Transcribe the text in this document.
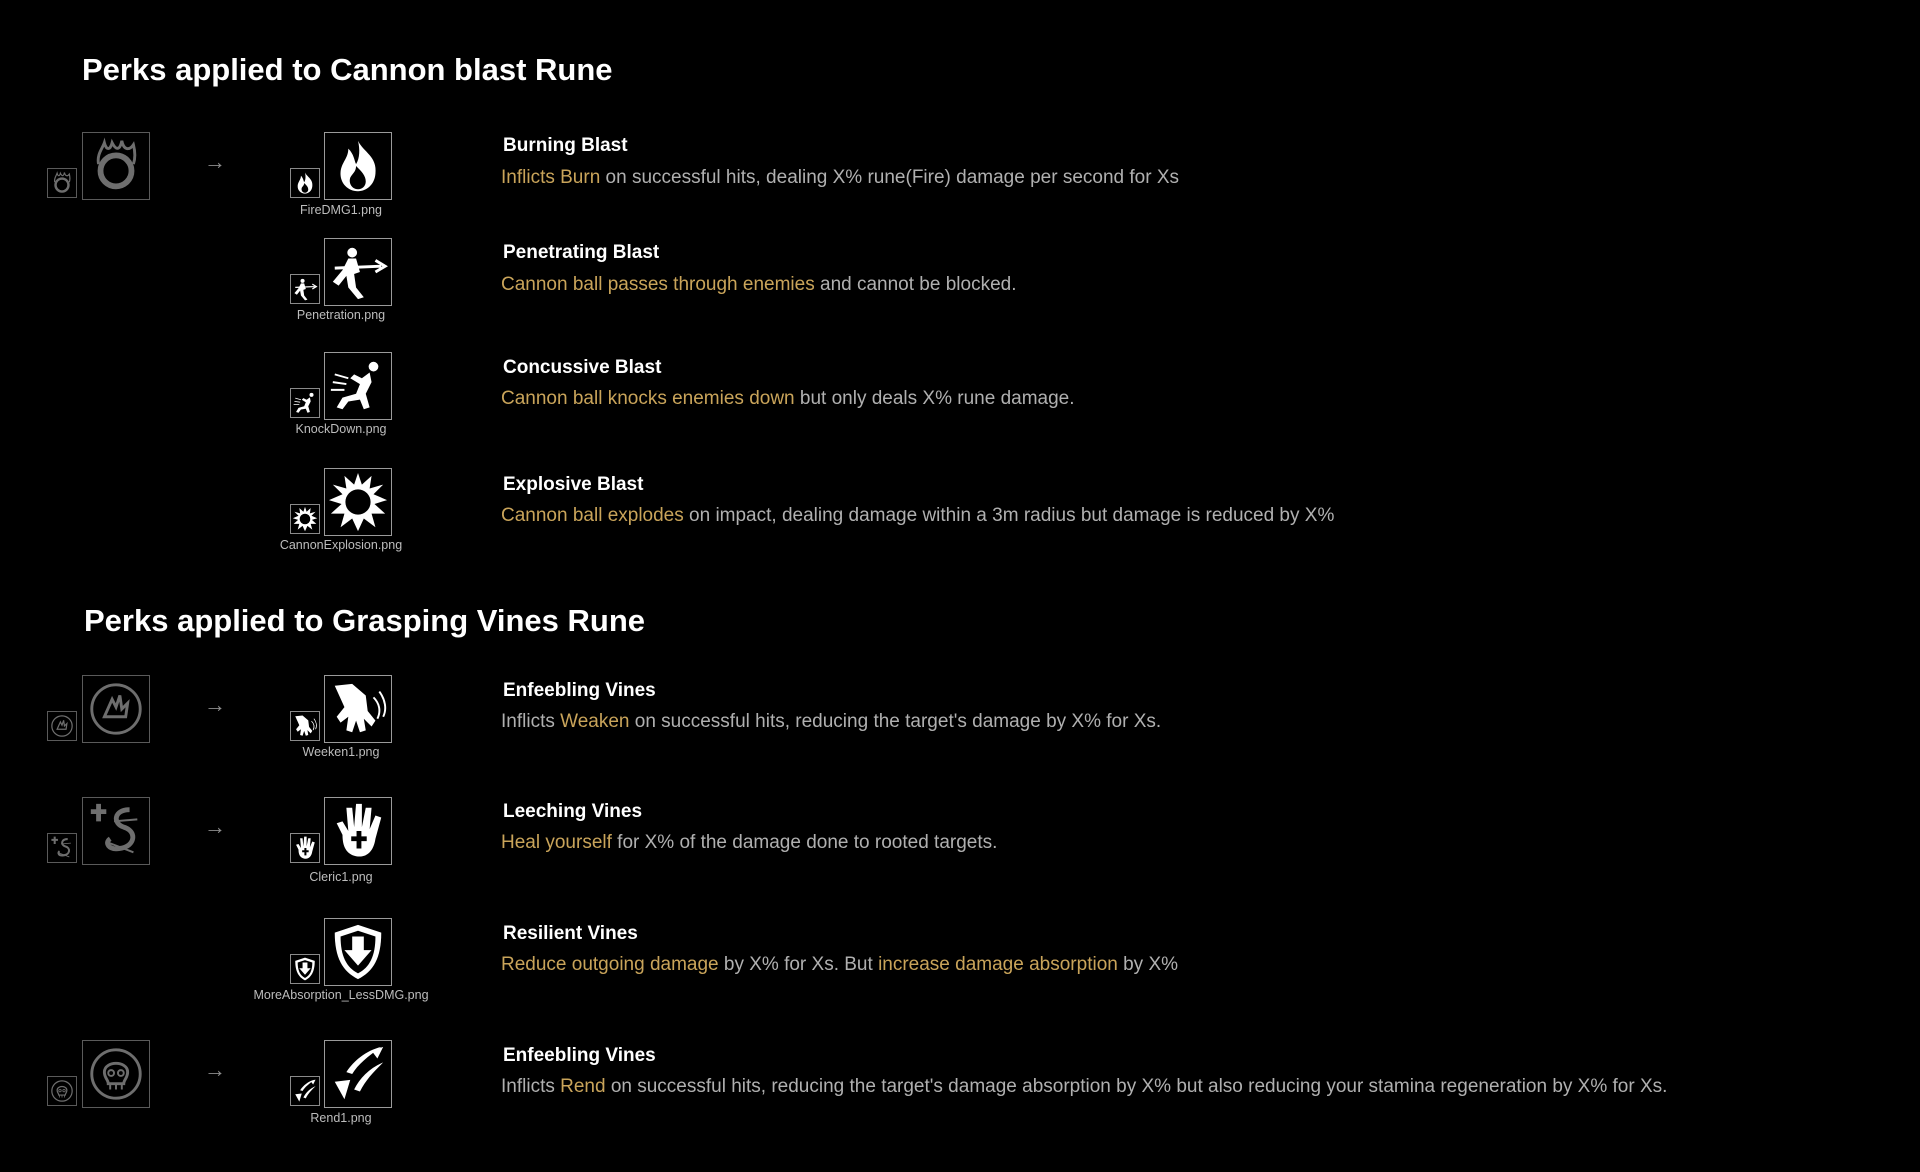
Perks applied to Cannon blast Rune
→
FireDMG1.png
Burning Blast
Inflicts Burn on successful hits, dealing X% rune(Fire) damage per second for Xs
Penetration.png
Penetrating Blast
Cannon ball passes through enemies and cannot be blocked.
KnockDown.png
Concussive Blast
Cannon ball knocks enemies down but only deals X% rune damage.
CannonExplosion.png
Explosive Blast
Cannon ball explodes on impact, dealing damage within a 3m radius but damage is reduced by X%
Perks applied to Grasping Vines Rune
→
Weeken1.png
Enfeebling Vines
Inflicts Weaken on successful hits, reducing the target's damage by X% for Xs.
→
Cleric1.png
Leeching Vines
Heal yourself for X% of the damage done to rooted targets.
MoreAbsorption_LessDMG.png
Resilient Vines
Reduce outgoing damage by X% for Xs. But increase damage absorption by X%
→
Rend1.png
Enfeebling Vines
Inflicts Rend on successful hits, reducing the target's damage absorption by X% but also reducing your stamina regeneration by X% for Xs.
